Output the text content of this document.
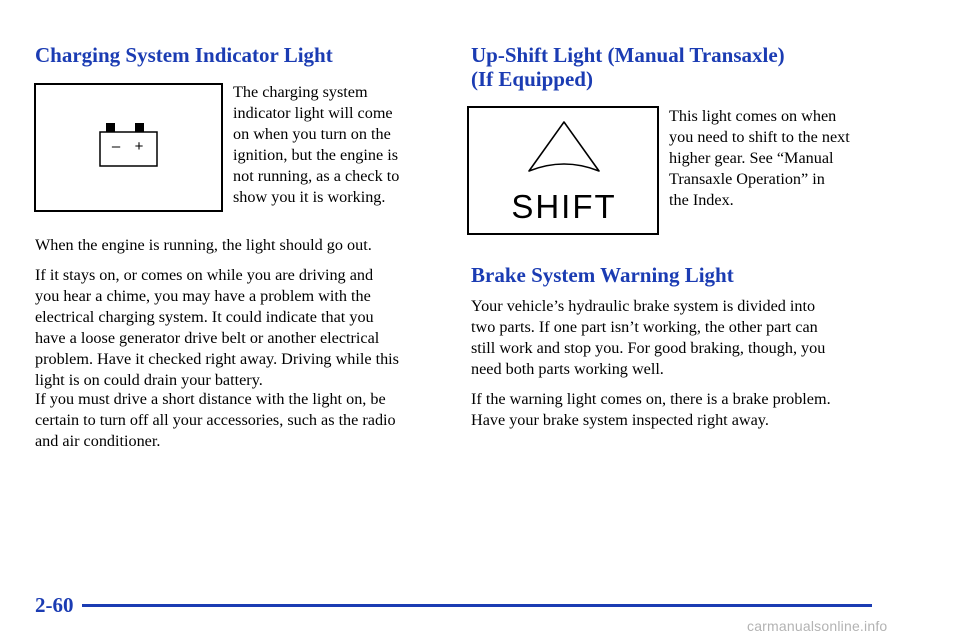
Charging System Indicator Light
– +

The charging system
indicator light will come
on when you turn on the
ignition, but the engine is
not running, as a check to
show you it is working.

When the engine is running, the light should go out.

If it stays on, or comes on while you are driving and
you hear a chime, you may have a problem with the
electrical charging system. It could indicate that you
have a loose generator drive belt or another electrical
problem. Have it checked right away. Driving while this
light is on could drain your battery.

If you must drive a short distance with the light on, be
certain to turn off all your accessories, such as the radio
and air conditioner.

Up-Shift Light (Manual Transaxle)
(If Equipped)
SHIFT

This light comes on when
you need to shift to the next
higher gear. See “Manual
Transaxle Operation” in
the Index.

Brake System Warning Light

Your vehicle’s hydraulic brake system is divided into
two parts. If one part isn’t working, the other part can
still work and stop you. For good braking, though, you
need both parts working well.

If the warning light comes on, there is a brake problem.
Have your brake system inspected right away.

2-60

carmanualsonline.info
